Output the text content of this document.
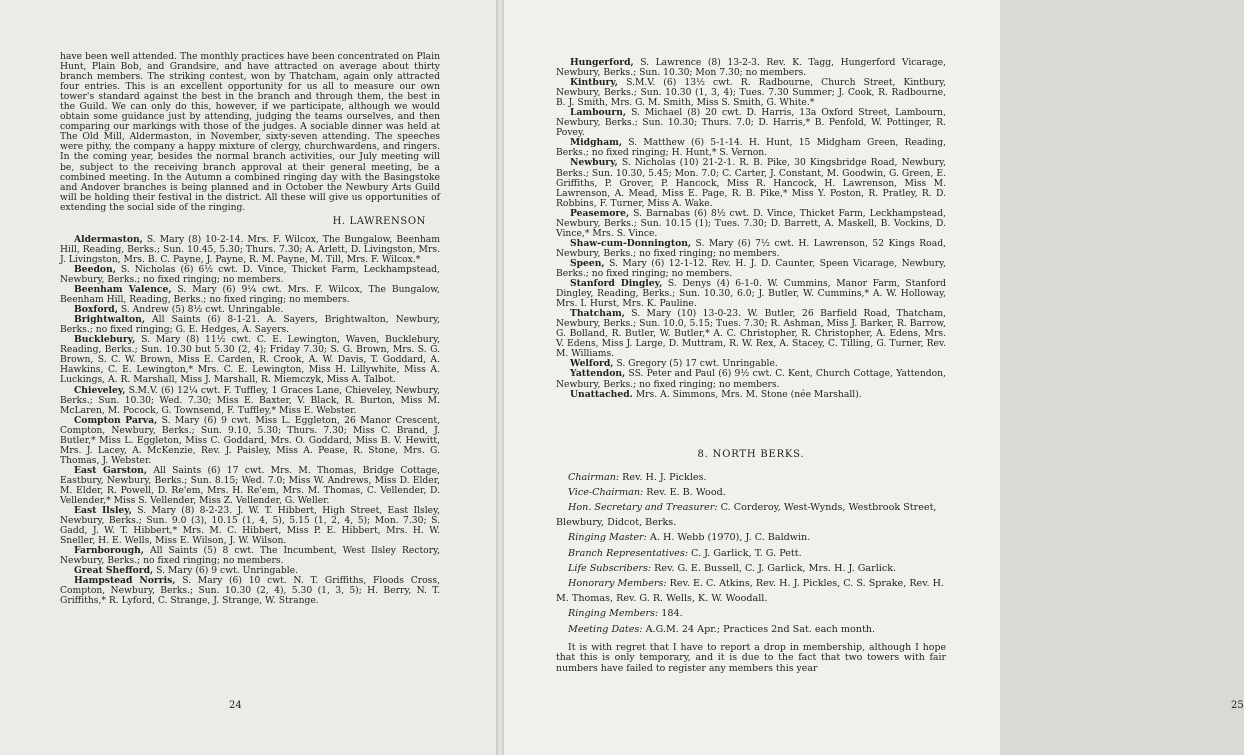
have been well attended. The monthly practices have been concentrated on Plain Hunt, Plain Bob, and Grandsire, and have attracted on average about thirty branch members. The striking contest, won by Thatcham, again only attracted four entries. This is an excellent opportunity for us all to measure our own tower's standard against the best in the branch and through them, the best in the Guild. We can only do this, however, if we participate, although we would obtain some guidance just by attending, judging the teams ourselves, and then comparing our markings with those of the judges. A sociable dinner was held at The Old Mill, Aldermaston, in November, sixty-seven attending. The speeches were pithy, the company a happy mixture of clergy, churchwardens, and ringers. In the coming year, besides the normal branch activities, our July meeting will be, subject to the receiving branch approval at their general meeting, be a combined meeting. In the Autumn a combined ringing day with the Basingstoke and Andover branches is being planned and in October the Newbury Arts Guild will be holding their festival in the district. All these will give us opportunities of extending the social side of the ringing.

H. LAWRENSON

Aldermaston, S. Mary (8) 10-2-14. Mrs. F. Wilcox, The Bungalow, Beenham Hill, Reading, Berks.; Sun. 10.45, 5.30; Thurs. 7.30; A. Arlett, D. Livingston, Mrs. J. Livingston, Mrs. B. C. Payne, J. Payne, R. M. Payne, M. Till, Mrs. F. Wilcox.*

Beedon, S. Nicholas (6) 6½ cwt. D. Vince, Thicket Farm, Leckhampstead, Newbury, Berks.; no fixed ringing; no members.

Beenham Valence, S. Mary (6) 9¼ cwt. Mrs. F. Wilcox, The Bungalow, Beenham Hill, Reading, Berks.; no fixed ringing; no members.

Boxford, S. Andrew (5) 8½ cwt. Unringable.

Brightwalton, All Saints (6) 8-1-21. A. Sayers, Brightwalton, Newbury, Berks.; no fixed ringing; G. E. Hedges, A. Sayers.

Bucklebury, S. Mary (8) 11½ cwt. C. E. Lewington, Waven, Bucklebury, Reading, Berks.; Sun. 10.30 but 5.30 (2, 4); Friday 7.30; S. G. Brown, Mrs. S. G. Brown, S. C. W. Brown, Miss E. Carden, R. Crook, A. W. Davis, T. Goddard, A. Hawkins, C. E. Lewington,* Mrs. C. E. Lewington, Miss H. Lillywhite, Miss A. Luckings, A. R. Marshall, Miss J. Marshall, R. Miemczyk, Miss A. Talbot.

Chieveley, S.M.V. (6) 12¼ cwt. F. Tuffley, 1 Graces Lane, Chieveley, Newbury, Berks.; Sun. 10.30; Wed. 7.30; Miss E. Baxter, V. Black, R. Burton, Miss M. McLaren, M. Pocock, G. Townsend, F. Tuffley,* Miss E. Webster.

Compton Parva, S. Mary (6) 9 cwt. Miss L. Eggleton, 26 Manor Crescent, Compton, Newbury, Berks.; Sun. 9.10, 5.30; Thurs. 7.30; Miss C. Brand, J. Butler,* Miss L. Eggleton, Miss C. Goddard, Mrs. O. Goddard, Miss B. V. Hewitt, Mrs. J. Lacey, A. McKenzie, Rev. J. Paisley, Miss A. Pease, R. Stone, Mrs. G. Thomas, J. Webster.

East Garston, All Saints (6) 17 cwt. Mrs. M. Thomas, Bridge Cottage, Eastbury, Newbury, Berks.; Sun. 8.15; Wed. 7.0; Miss W. Andrews, Miss D. Elder, M. Elder, R. Powell, D. Re'em, Mrs. H. Re'em, Mrs. M. Thomas, C. Vellender, D. Vellender,* Miss S. Vellender, Miss Z. Vellender, G. Weller.

East Ilsley, S. Mary (8) 8-2-23. J. W. T. Hibbert, High Street, East Ilsley, Newbury, Berks.; Sun. 9.0 (3), 10.15 (1, 4, 5), 5.15 (1, 2, 4, 5); Mon. 7.30; S. Gadd, J. W. T. Hibbert,* Mrs. M. C. Hibbert, Miss P. E. Hibbert, Mrs. H. W. Sneller, H. E. Wells, Miss E. Wilson, J. W. Wilson.

Farnborough, All Saints (5) 8 cwt. The Incumbent, West Ilsley Rectory, Newbury, Berks.; no fixed ringing; no members.

Great Shefford, S. Mary (6) 9 cwt. Unringable.

Hampstead Norris, S. Mary (6) 10 cwt. N. T. Griffiths, Floods Cross, Compton, Newbury, Berks.; Sun. 10.30 (2, 4), 5.30 (1, 3, 5); H. Berry, N. T. Griffiths,* R. Lyford, C. Strange, J. Strange, W. Strange.

24

Hungerford, S. Lawrence (8) 13-2-3. Rev. K. Tagg, Hungerford Vicarage, Newbury, Berks.; Sun. 10.30; Mon 7.30; no members.

Kintbury, S.M.V. (6) 13½ cwt. R. Radbourne, Church Street, Kintbury, Newbury, Berks.; Sun. 10.30 (1, 3, 4); Tues. 7.30 Summer; J. Cook, R. Radbourne, B. J. Smith, Mrs. G. M. Smith, Miss S. Smith, G. White.*

Lambourn, S. Michael (8) 20 cwt. D. Harris, 13a Oxford Street, Lambourn, Newbury, Berks.; Sun. 10.30; Thurs. 7.0; D. Harris,* B. Penfold, W. Pottinger, R. Povey.

Midgham, S. Matthew (6) 5-1-14. H. Hunt, 15 Midgham Green, Reading, Berks.; no fixed ringing; H. Hunt,* S. Vernon.

Newbury, S. Nicholas (10) 21-2-1. R. B. Pike, 30 Kingsbridge Road, Newbury, Berks.; Sun. 10.30, 5.45; Mon. 7.0; C. Carter, J. Constant, M. Goodwin, G. Green, E. Griffiths, P. Grover, P. Hancock, Miss R. Hancock, H. Lawrenson, Miss M. Lawrenson, A. Mead, Miss E. Page, R. B. Pike,* Miss Y. Poston, R. Pratley, R. D. Robbins, F. Turner, Miss A. Wake.

Peasemore, S. Barnabas (6) 8½ cwt. D. Vince, Thicket Farm, Leckhampstead, Newbury, Berks.; Sun. 10.15 (1); Tues. 7.30; D. Barrett, A. Maskell, B. Vockins, D. Vince,* Mrs. S. Vince.

Shaw-cum-Donnington, S. Mary (6) 7½ cwt. H. Lawrenson, 52 Kings Road, Newbury, Berks.; no fixed ringing; no members.

Speen, S. Mary (6) 12-1-12. Rev. H. J. D. Caunter, Speen Vicarage, Newbury, Berks.; no fixed ringing; no members.

Stanford Dingley, S. Denys (4) 6-1-0. W. Cummins, Manor Farm, Stanford Dingley, Reading, Berks.; Sun. 10.30, 6.0; J. Butler, W. Cummins,* A. W. Holloway, Mrs. I. Hurst, Mrs. K. Pauline.

Thatcham, S. Mary (10) 13-0-23. W. Butler, 26 Barfield Road, Thatcham, Newbury, Berks.; Sun. 10.0, 5.15; Tues. 7.30; R. Ashman, Miss J. Barker, R. Barrow, G. Bolland, R. Butler, W. Butler,* A. C. Christopher, R. Christopher, A. Edens, Mrs. V. Edens, Miss J. Large, D. Muttram, R. W. Rex, A. Stacey, C. Tilling, G. Turner, Rev. M. Williams.

Welford, S. Gregory (5) 17 cwt. Unringable.

Yattendon, SS. Peter and Paul (6) 9½ cwt. C. Kent, Church Cottage, Yattendon, Newbury, Berks.; no fixed ringing; no members.

Unattached. Mrs. A. Simmons, Mrs. M. Stone (née Marshall).

8. NORTH BERKS.

Chairman: Rev. H. J. Pickles.

Vice-Chairman: Rev. E. B. Wood.

Hon. Secretary and Treasurer: C. Corderoy, West-Wynds, Westbrook Street, Blewbury, Didcot, Berks.

Ringing Master: A. H. Webb (1970), J. C. Baldwin.

Branch Representatives: C. J. Garlick, T. G. Pett.

Life Subscribers: Rev. G. E. Bussell, C. J. Garlick, Mrs. H. J. Garlick.

Honorary Members: Rev. E. C. Atkins, Rev. H. J. Pickles, C. S. Sprake, Rev. H. M. Thomas, Rev. G. R. Wells, K. W. Woodall.

Ringing Members: 184.

Meeting Dates: A.G.M. 24 Apr.; Practices 2nd Sat. each month.

It is with regret that I have to report a drop in membership, although I hope that this is only temporary, and it is due to the fact that two towers with fair numbers have failed to register any members this year

25
